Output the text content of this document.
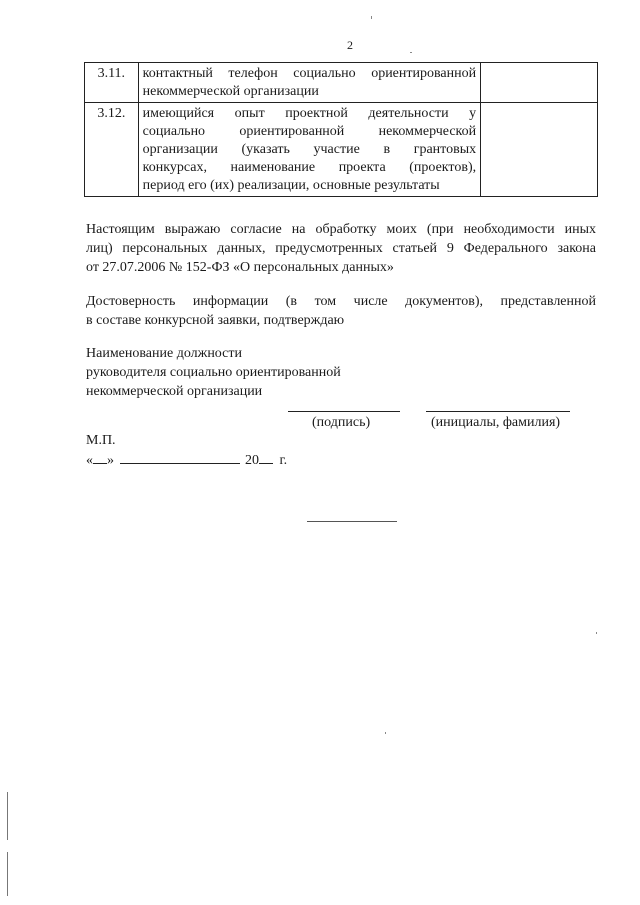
2
3.11.	контактный телефон социально ориентированной
некоммерческой организации	
3.12.	имеющийся опыт проектной деятельности у
социально ориентированной некоммерческой
организации (указать участие в грантовых
конкурсах, наименование проекта (проектов),
период его (их) реализации, основные результаты	
Настоящим выражаю согласие на обработку моих (при необходимости иных
лиц) персональных данных, предусмотренных статьей 9 Федерального закона
от 27.07.2006 № 152-ФЗ «О персональных данных»
Достоверность информации (в том числе документов), представленной
в составе конкурсной заявки, подтверждаю
Наименование должности
руководителя социально ориентированной
некоммерческой организации
(подпись)	(инициалы, фамилия)
М.П.
« »	20 г.
